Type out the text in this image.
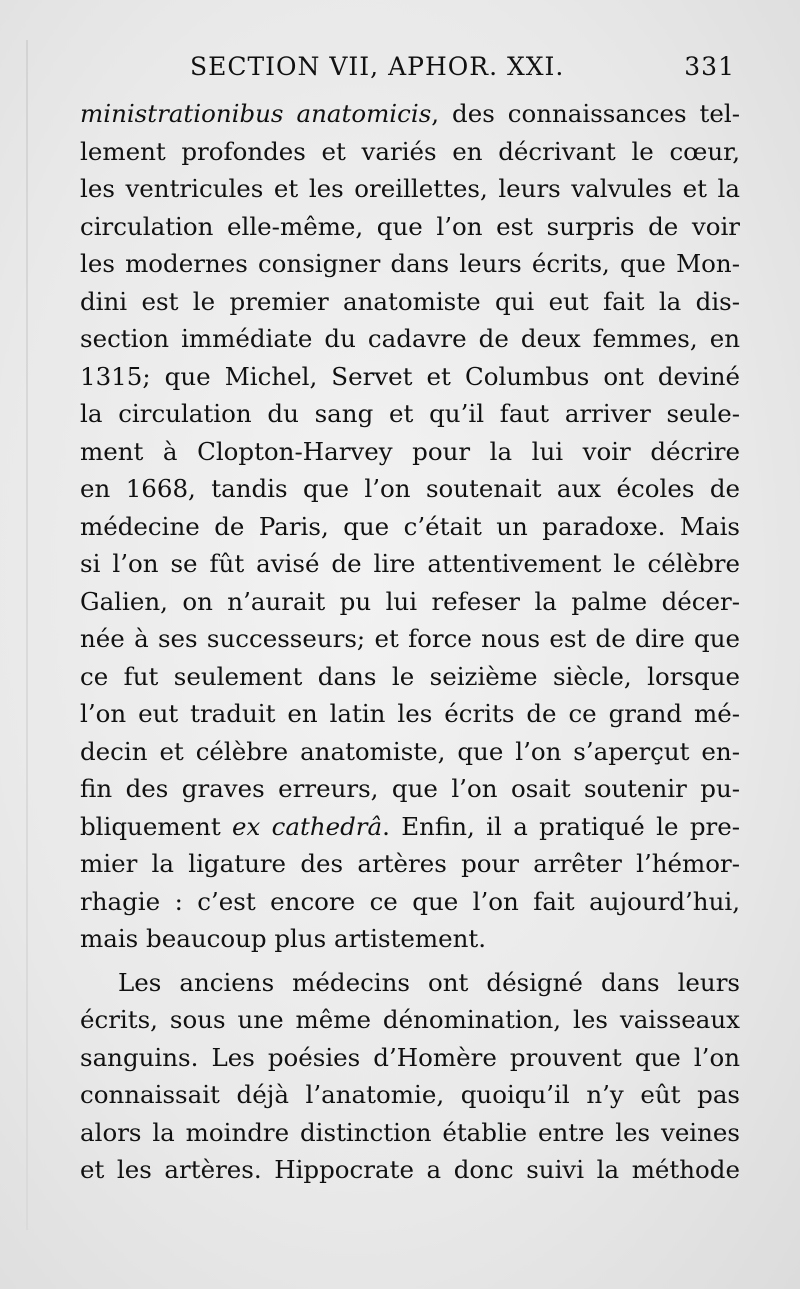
SECTION VII, APHOR. XXI.	331
ministrationibus anatomicis, des connaissances tel-
lement profondes et variés en décrivant le cœur,
les ventricules et les oreillettes, leurs valvules et la
circulation elle-même, que l’on est surpris de voir
les modernes consigner dans leurs écrits, que Mon-
dini est le premier anatomiste qui eut fait la dis-
section immédiate du cadavre de deux femmes, en
1315; que Michel, Servet et Columbus ont deviné
la circulation du sang et qu’il faut arriver seule-
ment à Clopton-Harvey pour la lui voir décrire
en 1668, tandis que l’on soutenait aux écoles de
médecine de Paris, que c’était un paradoxe. Mais
si l’on se fût avisé de lire attentivement le célèbre
Galien, on n’aurait pu lui refeser la palme décer-
née à ses successeurs; et force nous est de dire que
ce fut seulement dans le seizième siècle, lorsque
l’on eut traduit en latin les écrits de ce grand mé-
decin et célèbre anatomiste, que l’on s’aperçut en-
fin des graves erreurs, que l’on osait soutenir pu-
bliquement ex cathedrâ. Enfin, il a pratiqué le pre-
mier la ligature des artères pour arrêter l’hémor-
rhagie : c’est encore ce que l’on fait aujourd’hui,
mais beaucoup plus artistement.
Les anciens médecins ont désigné dans leurs
écrits, sous une même dénomination, les vaisseaux
sanguins. Les poésies d’Homère prouvent que l’on
connaissait déjà l’anatomie, quoiqu’il n’y eût pas
alors la moindre distinction établie entre les veines
et les artères. Hippocrate a donc suivi la méthode
